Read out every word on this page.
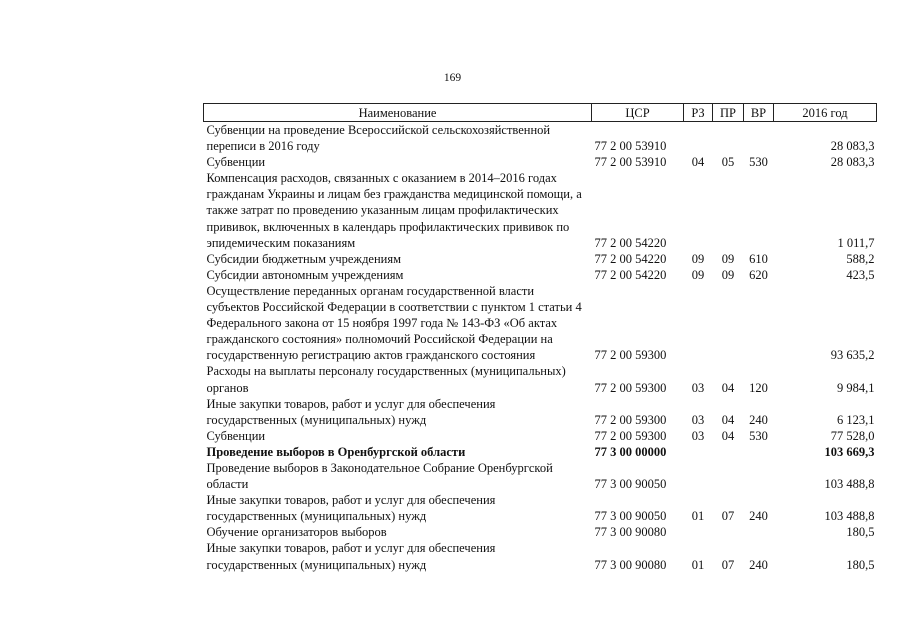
169
Наименование	ЦСР	РЗ	ПР	ВР	2016 год
Субвенции на проведение Всероссийской сельскохозяйственной переписи в 2016 году	77 2 00 53910				28 083,3
Субвенции	77 2 00 53910	04	05	530	28 083,3
Компенсация расходов, связанных с оказанием в 2014–2016 годах гражданам Украины и лицам без гражданства медицинской помощи, а также затрат по проведению указанным лицам профилактических прививок, включенных в календарь профилактических прививок по эпидемическим показаниям	77 2 00 54220				1 011,7
Субсидии бюджетным учреждениям	77 2 00 54220	09	09	610	588,2
Субсидии автономным учреждениям	77 2 00 54220	09	09	620	423,5
Осуществление переданных органам государственной власти субъектов Российской Федерации в соответствии с пунктом 1 статьи 4 Федерального закона от 15 ноября 1997 года № 143-ФЗ «Об актах гражданского состояния» полномочий Российской Федерации на государственную регистрацию актов гражданского состояния	77 2 00 59300				93 635,2
Расходы на выплаты персоналу государственных (муниципальных) органов	77 2 00 59300	03	04	120	9 984,1
Иные закупки товаров, работ и услуг для обеспечения государственных (муниципальных) нужд	77 2 00 59300	03	04	240	6 123,1
Субвенции	77 2 00 59300	03	04	530	77 528,0
Проведение выборов в Оренбургской области	77 3 00 00000				103 669,3
Проведение выборов в Законодательное Собрание Оренбургской области	77 3 00 90050				103 488,8
Иные закупки товаров, работ и услуг для обеспечения государственных (муниципальных) нужд	77 3 00 90050	01	07	240	103 488,8
Обучение организаторов выборов	77 3 00 90080				180,5
Иные закупки товаров, работ и услуг для обеспечения государственных (муниципальных) нужд	77 3 00 90080	01	07	240	180,5
